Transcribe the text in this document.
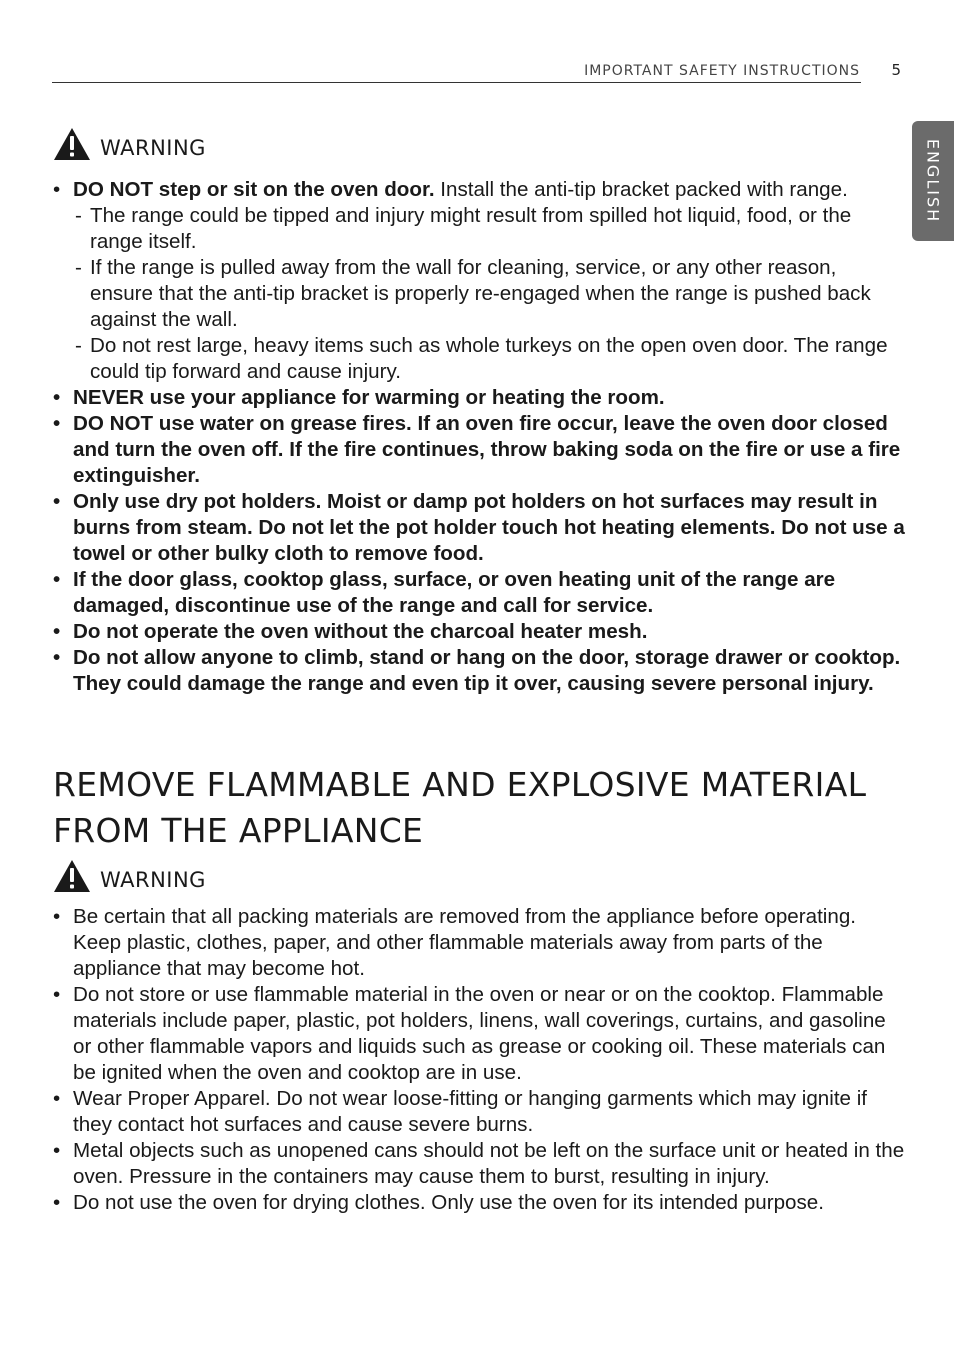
IMPORTANT SAFETY INSTRUCTIONS 5
ENGLISH
WARNING
• DO NOT step or sit on the oven door. Install the anti-tip bracket packed with range.
- The range could be tipped and injury might result from spilled hot liquid, food, or the range itself.
- If the range is pulled away from the wall for cleaning, service, or any other reason, ensure that the anti-tip bracket is properly re-engaged when the range is pushed back against the wall.
- Do not rest large, heavy items such as whole turkeys on the open oven door. The range could tip forward and cause injury.
• NEVER use your appliance for warming or heating the room.
• DO NOT use water on grease fires. If an oven fire occur, leave the oven door closed and turn the oven off. If the fire continues, throw baking soda on the fire or use a fire extinguisher.
• Only use dry pot holders. Moist or damp pot holders on hot surfaces may result in burns from steam. Do not let the pot holder touch hot heating elements. Do not use a towel or other bulky cloth to remove food.
• If the door glass, cooktop glass, surface, or oven heating unit of the range are damaged, discontinue use of the range and call for service.
• Do not operate the oven without the charcoal heater mesh.
• Do not allow anyone to climb, stand or hang on the door, storage drawer or cooktop. They could damage the range and even tip it over, causing severe personal injury.
REMOVE FLAMMABLE AND EXPLOSIVE MATERIAL FROM THE APPLIANCE
WARNING
• Be certain that all packing materials are removed from the appliance before operating. Keep plastic, clothes, paper, and other flammable materials away from parts of the appliance that may become hot.
• Do not store or use flammable material in the oven or near or on the cooktop. Flammable materials include paper, plastic, pot holders, linens, wall coverings, curtains, and gasoline or other flammable vapors and liquids such as grease or cooking oil. These materials can be ignited when the oven and cooktop are in use.
• Wear Proper Apparel. Do not wear loose-fitting or hanging garments which may ignite if they contact hot surfaces and cause severe burns.
• Metal objects such as unopened cans should not be left on the surface unit or heated in the oven. Pressure in the containers may cause them to burst, resulting in injury.
• Do not use the oven for drying clothes. Only use the oven for its intended purpose.
